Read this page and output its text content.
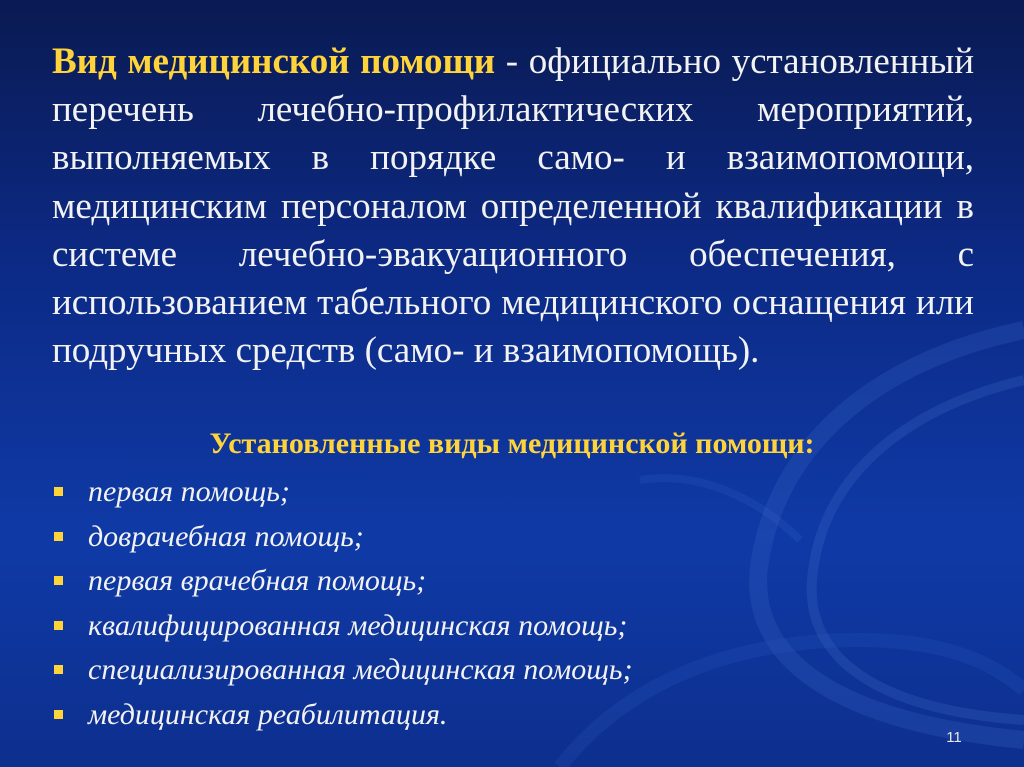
Вид медицинской помощи - официально установленный перечень лечебно-профилактических мероприятий, выполняемых в порядке само- и взаимопомощи, медицинским персоналом определенной квалификации в системе лечебно-эвакуационного обеспечения, с использованием табельного медицинского оснащения или подручных средств (само- и взаимопомощь).

Установленные виды медицинской помощи:

первая помощь;
доврачебная помощь;
первая врачебная помощь;
квалифицированная медицинская помощь;
специализированная медицинская помощь;
медицинская реабилитация.
11
